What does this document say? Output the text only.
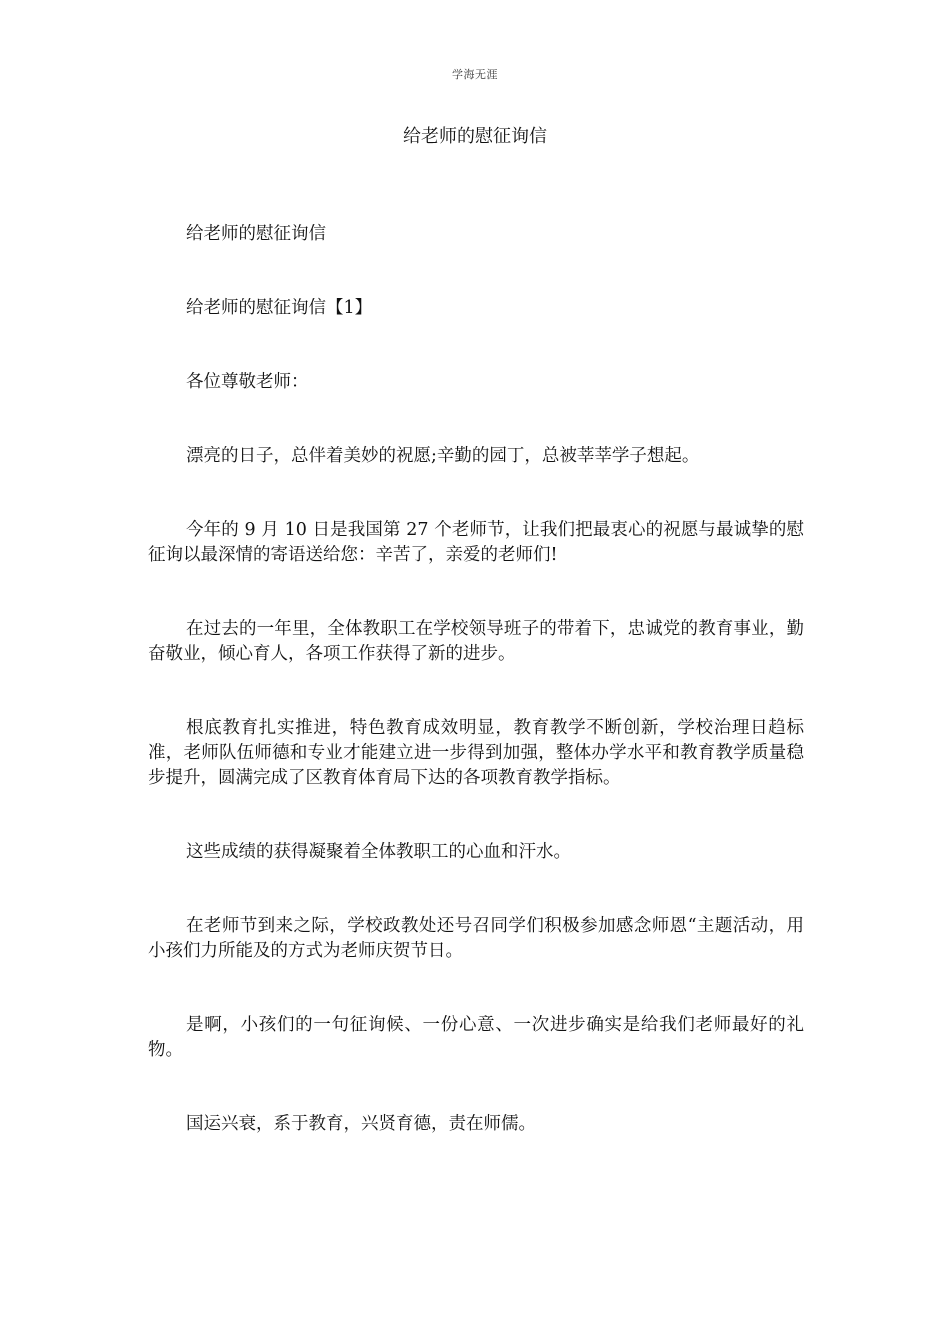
学海无涯
给老师的慰征询信

给老师的慰征询信

给老师的慰征询信【1】

各位尊敬老师：

漂亮的日子，总伴着美妙的祝愿;辛勤的园丁，总被莘莘学子想起。

今年的 9 月 10 日是我国第 27 个老师节，让我们把最衷心的祝愿与最诚挚的慰征询以最深情的寄语送给您：辛苦了，亲爱的老师们!

在过去的一年里，全体教职工在学校领导班子的带着下，忠诚党的教育事业，勤奋敬业，倾心育人，各项工作获得了新的进步。

根底教育扎实推进，特色教育成效明显，教育教学不断创新，学校治理日趋标准，老师队伍师德和专业才能建立进一步得到加强，整体办学水平和教育教学质量稳步提升，圆满完成了区教育体育局下达的各项教育教学指标。

这些成绩的获得凝聚着全体教职工的心血和汗水。

在老师节到来之际，学校政教处还号召同学们积极参加感念师恩“主题活动，用小孩们力所能及的方式为老师庆贺节日。

是啊，小孩们的一句征询候、一份心意、一次进步确实是给我们老师最好的礼物。

国运兴衰，系于教育，兴贤育德，责在师儒。
